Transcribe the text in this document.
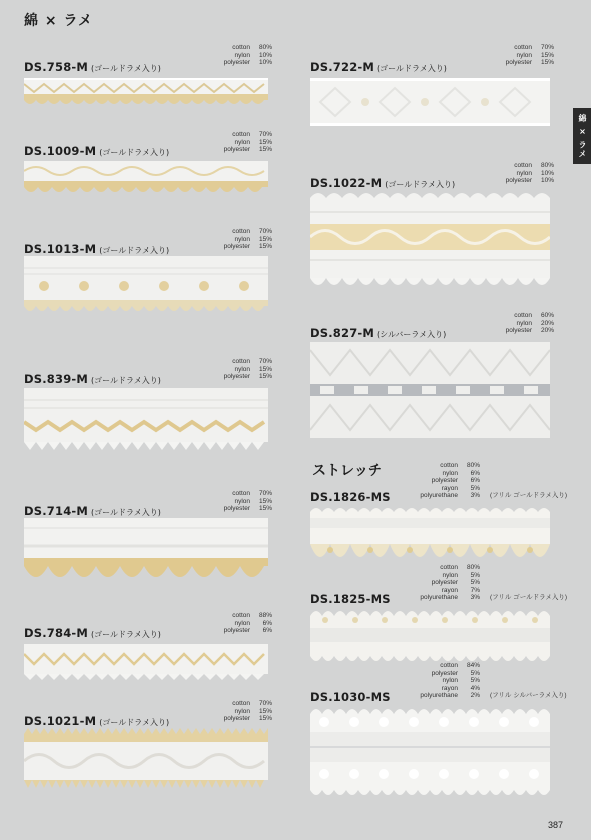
綿 × ラメ
綿 × ラメ
ストレッチ
387
DS.758-M (ゴールドラメ入り)
cotton	80%
nylon	10%
polyester	10%
DS.1009-M (ゴールドラメ入り)
cotton	70%
nylon	15%
polyester	15%
DS.1013-M (ゴールドラメ入り)
cotton	70%
nylon	15%
polyester	15%
DS.839-M (ゴールドラメ入り)
cotton	70%
nylon	15%
polyester	15%
DS.714-M (ゴールドラメ入り)
cotton	70%
nylon	15%
polyester	15%
DS.784-M (ゴールドラメ入り)
cotton	88%
nylon	6%
polyester	6%
DS.1021-M (ゴールドラメ入り)
cotton	70%
nylon	15%
polyester	15%
DS.722-M (ゴールドラメ入り)
cotton	70%
nylon	15%
polyester	15%
DS.1022-M (ゴールドラメ入り)
cotton	80%
nylon	10%
polyester	10%
DS.827-M (シルバーラメ入り)
cotton	60%
nylon	20%
polyester	20%
DS.1826-MS
cotton	80%
nylon	6%
polyester	6%
rayon	5%
polyurethane	3% (フリル ゴールドラメ入り)
DS.1825-MS
cotton	80%
nylon	5%
polyester	5%
rayon	7%
polyurethane	3% (フリル ゴールドラメ入り)
DS.1030-MS
cotton	84%
polyester	5%
nylon	5%
rayon	4%
polyurethane	2% (フリル シルバーラメ入り)
